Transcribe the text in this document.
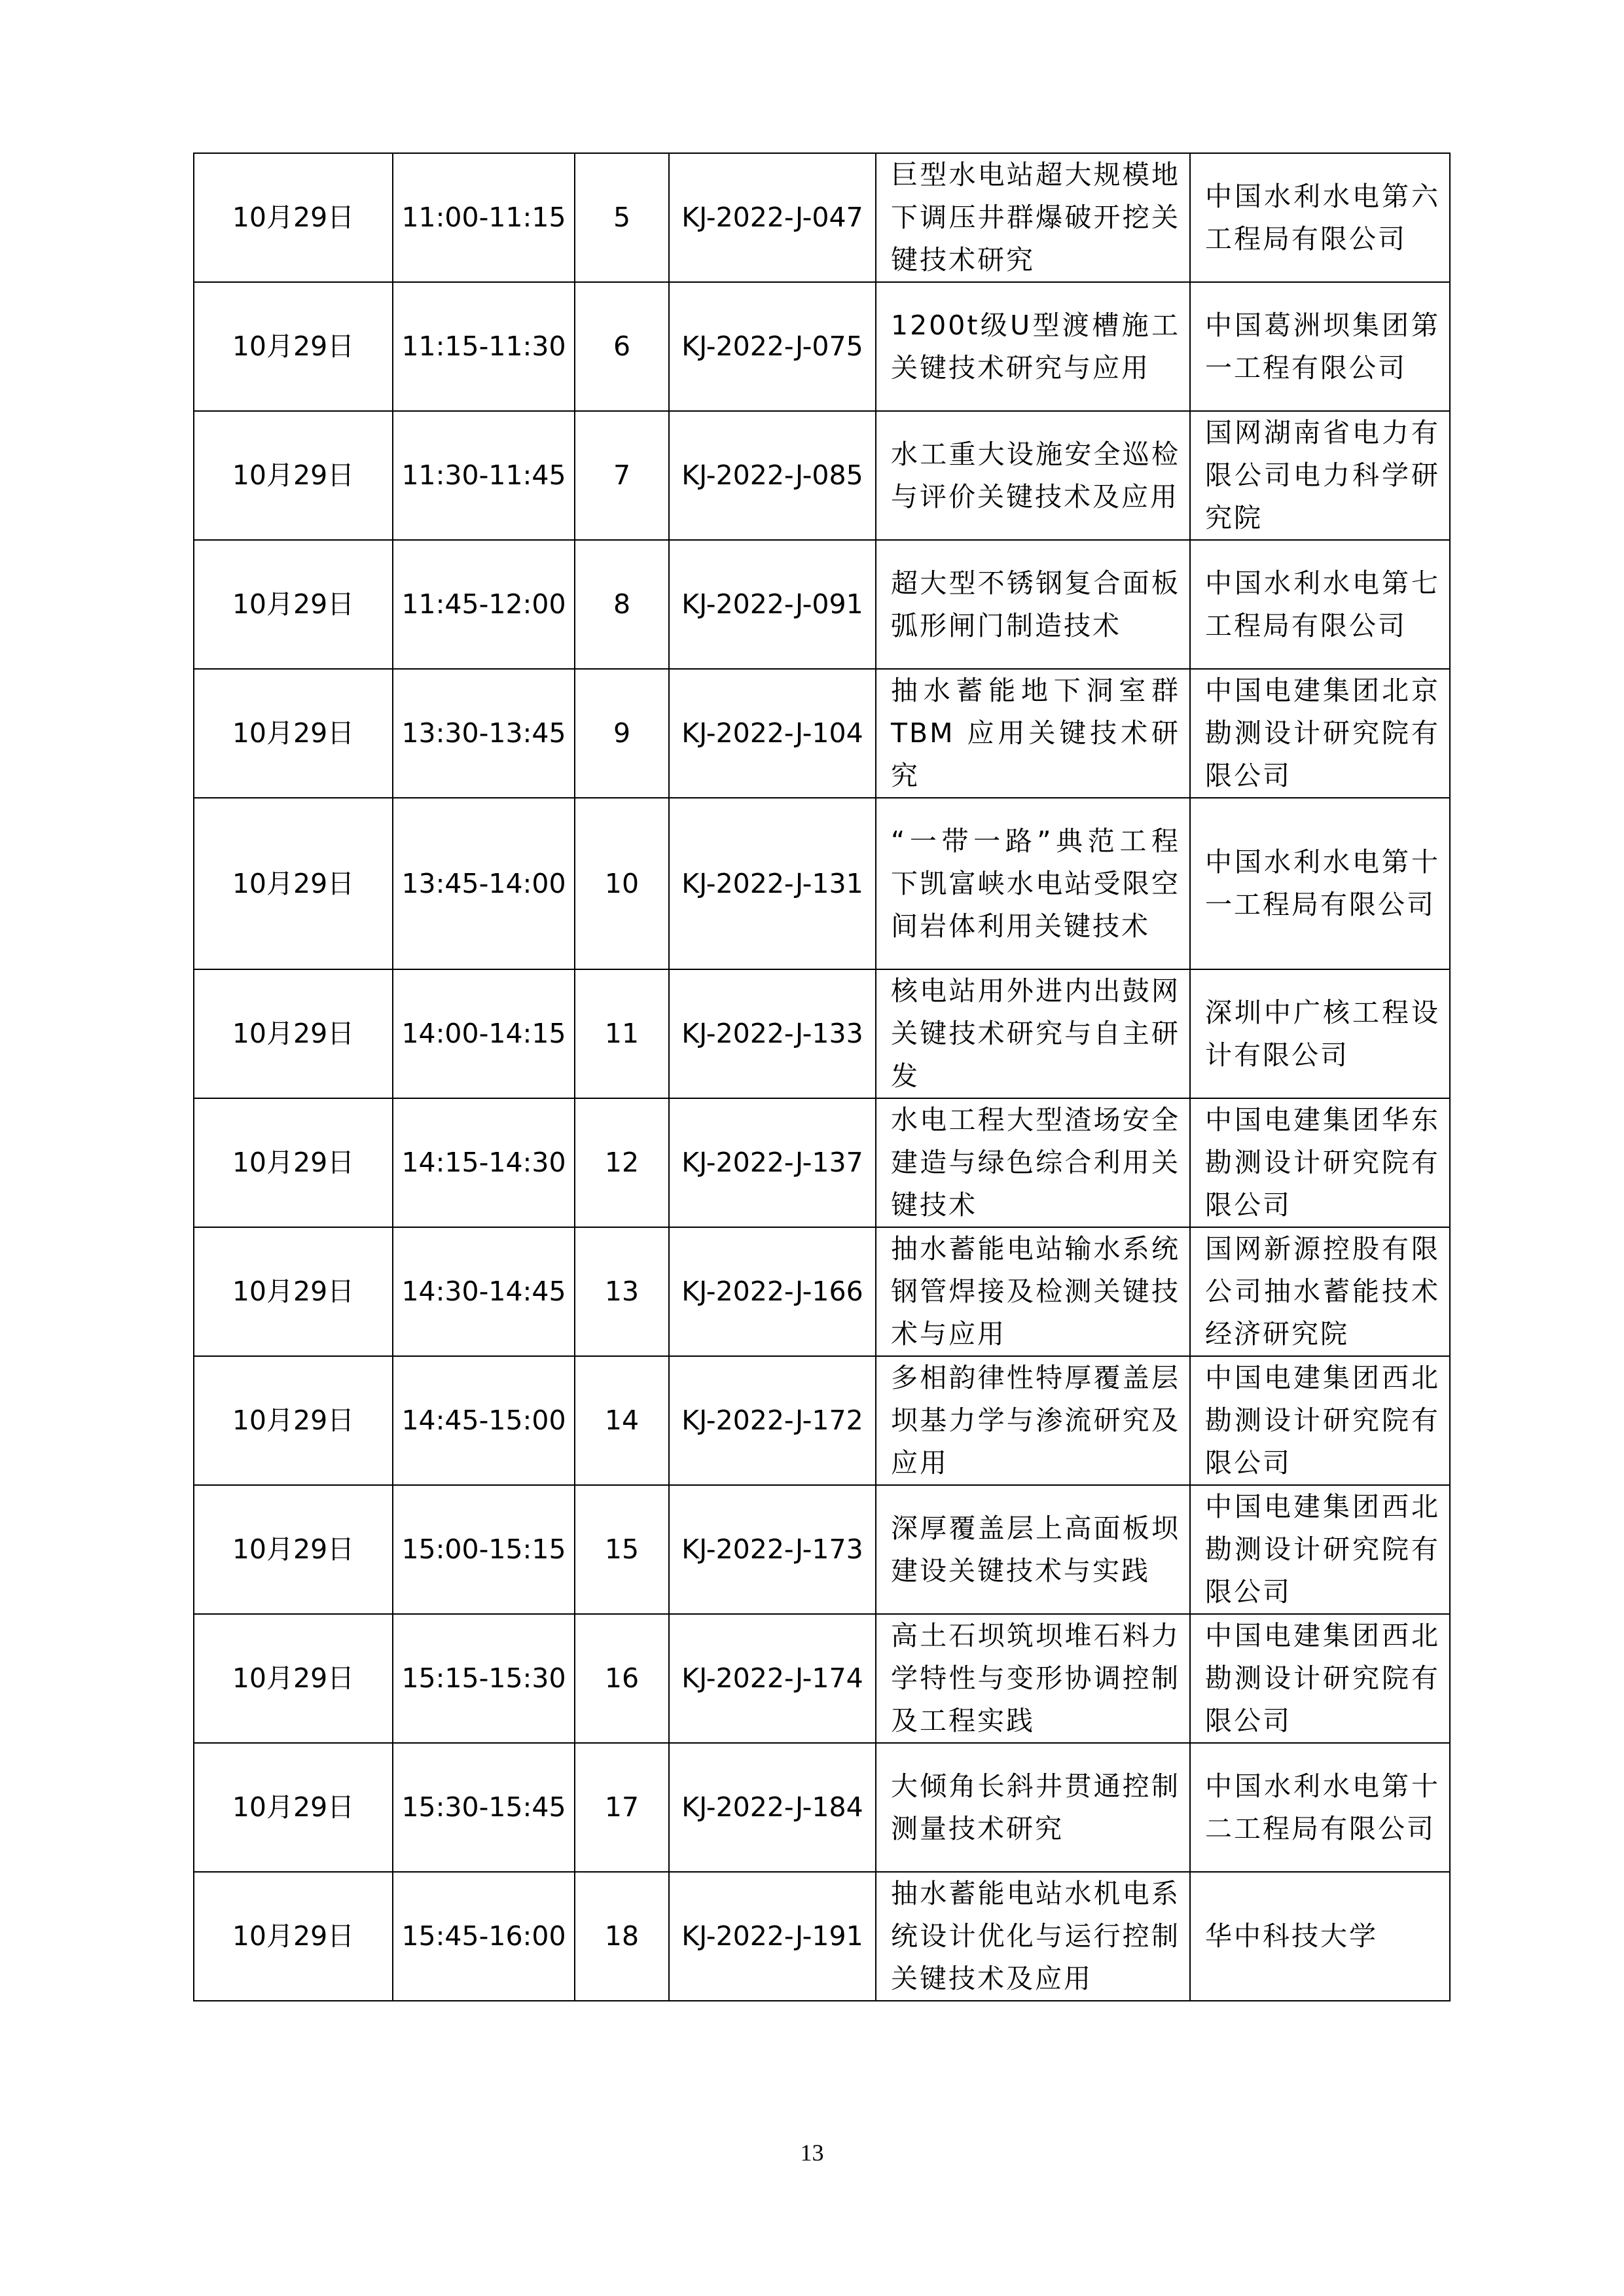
10月29日	11:00-11:15	5	KJ-2022-J-047	巨型水电站超大规模地下调压井群爆破开挖关键技术研究	中国水利水电第六工程局有限公司
10月29日	11:15-11:30	6	KJ-2022-J-075	1200t级U型渡槽施工关键技术研究与应用	中国葛洲坝集团第一工程有限公司
10月29日	11:30-11:45	7	KJ-2022-J-085	水工重大设施安全巡检与评价关键技术及应用	国网湖南省电力有限公司电力科学研究院
10月29日	11:45-12:00	8	KJ-2022-J-091	超大型不锈钢复合面板弧形闸门制造技术	中国水利水电第七工程局有限公司
10月29日	13:30-13:45	9	KJ-2022-J-104	抽水蓄能地下洞室群TBM 应用关键技术研究	中国电建集团北京勘测设计研究院有限公司
10月29日	13:45-14:00	10	KJ-2022-J-131	“一带一路”典范工程下凯富峡水电站受限空间岩体利用关键技术	中国水利水电第十一工程局有限公司
10月29日	14:00-14:15	11	KJ-2022-J-133	核电站用外进内出鼓网关键技术研究与自主研发	深圳中广核工程设计有限公司
10月29日	14:15-14:30	12	KJ-2022-J-137	水电工程大型渣场安全建造与绿色综合利用关键技术	中国电建集团华东勘测设计研究院有限公司
10月29日	14:30-14:45	13	KJ-2022-J-166	抽水蓄能电站输水系统钢管焊接及检测关键技术与应用	国网新源控股有限公司抽水蓄能技术经济研究院
10月29日	14:45-15:00	14	KJ-2022-J-172	多相韵律性特厚覆盖层坝基力学与渗流研究及应用	中国电建集团西北勘测设计研究院有限公司
10月29日	15:00-15:15	15	KJ-2022-J-173	深厚覆盖层上高面板坝建设关键技术与实践	中国电建集团西北勘测设计研究院有限公司
10月29日	15:15-15:30	16	KJ-2022-J-174	高土石坝筑坝堆石料力学特性与变形协调控制及工程实践	中国电建集团西北勘测设计研究院有限公司
10月29日	15:30-15:45	17	KJ-2022-J-184	大倾角长斜井贯通控制测量技术研究	中国水利水电第十二工程局有限公司
10月29日	15:45-16:00	18	KJ-2022-J-191	抽水蓄能电站水机电系统设计优化与运行控制关键技术及应用	华中科技大学
13
